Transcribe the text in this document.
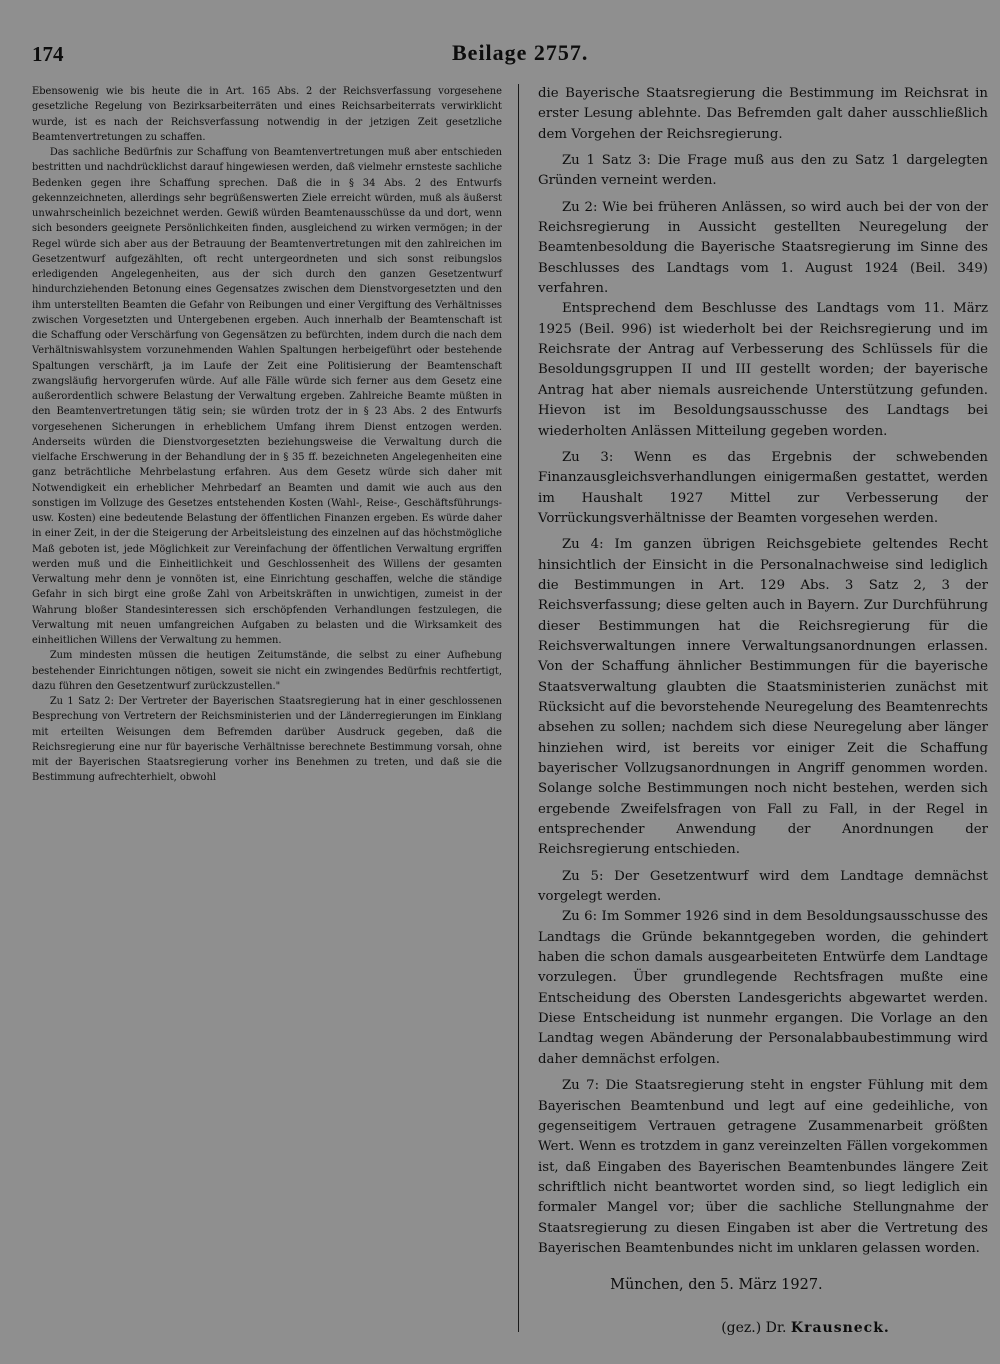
174	Beilage 2757.

Ebensowenig wie bis heute die in Art. 165 Abs. 2 der Reichsverfassung vorgesehene gesetzliche Regelung von Bezirksarbeiterräten und eines Reichsarbeiterrats verwirklicht wurde, ist es nach der Reichsverfassung notwendig in der jetzigen Zeit gesetzliche Beamtenvertretungen zu schaffen.

Das sachliche Bedürfnis zur Schaffung von Beamtenvertretungen muß aber entschieden bestritten und nachdrücklichst darauf hingewiesen werden, daß vielmehr ernsteste sachliche Bedenken gegen ihre Schaffung sprechen. Daß die in § 34 Abs. 2 des Entwurfs gekennzeichneten, allerdings sehr begrüßenswerten Ziele erreicht würden, muß als äußerst unwahrscheinlich bezeichnet werden. Gewiß würden Beamtenausschüsse da und dort, wenn sich besonders geeignete Persönlichkeiten finden, ausgleichend zu wirken vermögen; in der Regel würde sich aber aus der Betrauung der Beamtenvertretungen mit den zahlreichen im Gesetzentwurf aufgezählten, oft recht untergeordneten und sich sonst reibungslos erledigenden Angelegenheiten, aus der sich durch den ganzen Gesetzentwurf hindurchziehenden Betonung eines Gegensatzes zwischen dem Dienstvorgesetzten und den ihm unterstellten Beamten die Gefahr von Reibungen und einer Vergiftung des Verhältnisses zwischen Vorgesetzten und Untergebenen ergeben. Auch innerhalb der Beamtenschaft ist die Schaffung oder Verschärfung von Gegensätzen zu befürchten, indem durch die nach dem Verhältniswahlsystem vorzunehmenden Wahlen Spaltungen herbeigeführt oder bestehende Spaltungen verschärft, ja im Laufe der Zeit eine Politisierung der Beamtenschaft zwangsläufig hervorgerufen würde. Auf alle Fälle würde sich ferner aus dem Gesetz eine außerordentlich schwere Belastung der Verwaltung ergeben. Zahlreiche Beamte müßten in den Beamtenvertretungen tätig sein; sie würden trotz der in § 23 Abs. 2 des Entwurfs vorgesehenen Sicherungen in erheblichem Umfang ihrem Dienst entzogen werden. Anderseits würden die Dienstvorgesetzten beziehungsweise die Verwaltung durch die vielfache Erschwerung in der Behandlung der in § 35 ff. bezeichneten Angelegenheiten eine ganz beträchtliche Mehrbelastung erfahren. Aus dem Gesetz würde sich daher mit Notwendigkeit ein erheblicher Mehrbedarf an Beamten und damit wie auch aus den sonstigen im Vollzuge des Gesetzes entstehenden Kosten (Wahl-, Reise-, Geschäftsführungs- usw. Kosten) eine bedeutende Belastung der öffentlichen Finanzen ergeben. Es würde daher in einer Zeit, in der die Steigerung der Arbeitsleistung des einzelnen auf das höchstmögliche Maß geboten ist, jede Möglichkeit zur Vereinfachung der öffentlichen Verwaltung ergriffen werden muß und die Einheitlichkeit und Geschlossenheit des Willens der gesamten Verwaltung mehr denn je vonnöten ist, eine Einrichtung geschaffen, welche die ständige Gefahr in sich birgt eine große Zahl von Arbeitskräften in unwichtigen, zumeist in der Wahrung bloßer Standesinteressen sich erschöpfenden Verhandlungen festzulegen, die Verwaltung mit neuen umfangreichen Aufgaben zu belasten und die Wirksamkeit des einheitlichen Willens der Verwaltung zu hemmen.

Zum mindesten müssen die heutigen Zeitumstände, die selbst zu einer Aufhebung bestehender Einrichtungen nötigen, soweit sie nicht ein zwingendes Bedürfnis rechtfertigt, dazu führen den Gesetzentwurf zurückzustellen."

Zu 1 Satz 2: Der Vertreter der Bayerischen Staatsregierung hat in einer geschlossenen Besprechung von Vertretern der Reichsministerien und der Länderregierungen im Einklang mit erteilten Weisungen dem Befremden darüber Ausdruck gegeben, daß die Reichsregierung eine nur für bayerische Verhältnisse berechnete Bestimmung vorsah, ohne mit der Bayerischen Staatsregierung vorher ins Benehmen zu treten, und daß sie die Bestimmung aufrechterhielt, obwohl

die Bayerische Staatsregierung die Bestimmung im Reichsrat in erster Lesung ablehnte. Das Befremden galt daher ausschließlich dem Vorgehen der Reichsregierung.

Zu 1 Satz 3: Die Frage muß aus den zu Satz 1 dargelegten Gründen verneint werden.

Zu 2: Wie bei früheren Anlässen, so wird auch bei der von der Reichsregierung in Aussicht gestellten Neuregelung der Beamtenbesoldung die Bayerische Staatsregierung im Sinne des Beschlusses des Landtags vom 1. August 1924 (Beil. 349) verfahren.

Entsprechend dem Beschlusse des Landtags vom 11. März 1925 (Beil. 996) ist wiederholt bei der Reichsregierung und im Reichsrate der Antrag auf Verbesserung des Schlüssels für die Besoldungsgruppen II und III gestellt worden; der bayerische Antrag hat aber niemals ausreichende Unterstützung gefunden. Hievon ist im Besoldungsausschusse des Landtags bei wiederholten Anlässen Mitteilung gegeben worden.

Zu 3: Wenn es das Ergebnis der schwebenden Finanzausgleichsverhandlungen einigermaßen gestattet, werden im Haushalt 1927 Mittel zur Verbesserung der Vorrückungsverhältnisse der Beamten vorgesehen werden.

Zu 4: Im ganzen übrigen Reichsgebiete geltendes Recht hinsichtlich der Einsicht in die Personalnachweise sind lediglich die Bestimmungen in Art. 129 Abs. 3 Satz 2, 3 der Reichsverfassung; diese gelten auch in Bayern. Zur Durchführung dieser Bestimmungen hat die Reichsregierung für die Reichsverwaltungen innere Verwaltungsanordnungen erlassen. Von der Schaffung ähnlicher Bestimmungen für die bayerische Staatsverwaltung glaubten die Staatsministerien zunächst mit Rücksicht auf die bevorstehende Neuregelung des Beamtenrechts absehen zu sollen; nachdem sich diese Neuregelung aber länger hinziehen wird, ist bereits vor einiger Zeit die Schaffung bayerischer Vollzugsanordnungen in Angriff genommen worden. Solange solche Bestimmungen noch nicht bestehen, werden sich ergebende Zweifelsfragen von Fall zu Fall, in der Regel in entsprechender Anwendung der Anordnungen der Reichsregierung entschieden.

Zu 5: Der Gesetzentwurf wird dem Landtage demnächst vorgelegt werden.

Zu 6: Im Sommer 1926 sind in dem Besoldungsausschusse des Landtags die Gründe bekanntgegeben worden, die gehindert haben die schon damals ausgearbeiteten Entwürfe dem Landtage vorzulegen. Über grundlegende Rechtsfragen mußte eine Entscheidung des Obersten Landesgerichts abgewartet werden. Diese Entscheidung ist nunmehr ergangen. Die Vorlage an den Landtag wegen Abänderung der Personalabbaubestimmung wird daher demnächst erfolgen.

Zu 7: Die Staatsregierung steht in engster Fühlung mit dem Bayerischen Beamtenbund und legt auf eine gedeihliche, von gegenseitigem Vertrauen getragene Zusammenarbeit größten Wert. Wenn es trotzdem in ganz vereinzelten Fällen vorgekommen ist, daß Eingaben des Bayerischen Beamtenbundes längere Zeit schriftlich nicht beantwortet worden sind, so liegt lediglich ein formaler Mangel vor; über die sachliche Stellungnahme der Staatsregierung zu diesen Eingaben ist aber die Vertretung des Bayerischen Beamtenbundes nicht im unklaren gelassen worden.

München, den 5. März 1927.

(gez.) Dr. Krausneck.
